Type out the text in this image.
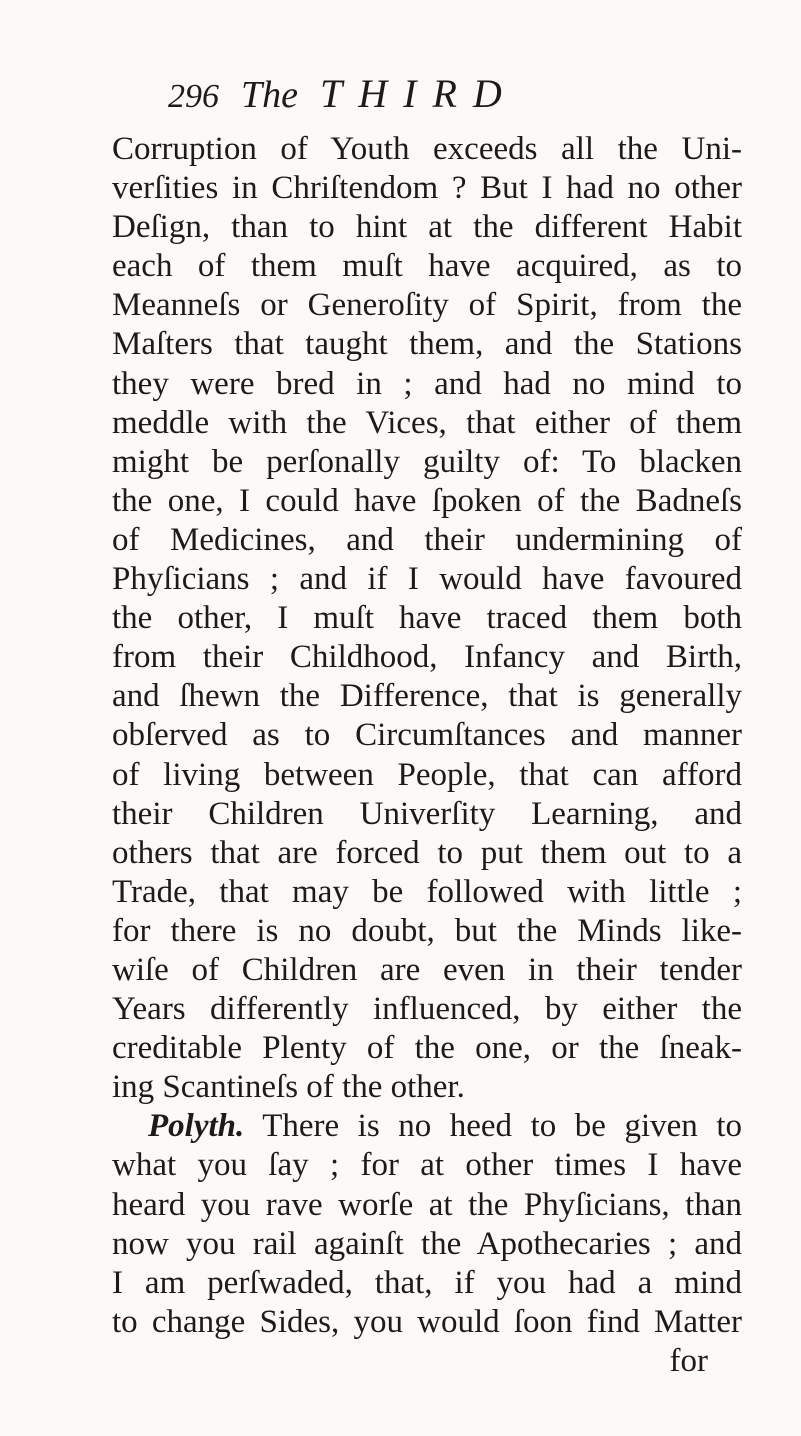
296 The THIRD
Corruption of Youth exceeds all the Uni-
verſities in Chriſtendom ? But I had no other
Deſign, than to hint at the different Habit
each of them muſt have acquired, as to
Meanneſs or Generoſity of Spirit, from the
Maſters that taught them, and the Stations
they were bred in ; and had no mind to
meddle with the Vices, that either of them
might be perſonally guilty of: To blacken
the one, I could have ſpoken of the Badneſs
of Medicines, and their undermining of
Phyſicians ; and if I would have favoured
the other, I muſt have traced them both
from their Childhood, Infancy and Birth,
and ſhewn the Difference, that is generally
obſerved as to Circumſtances and manner
of living between People, that can afford
their Children Univerſity Learning, and
others that are forced to put them out to a
Trade, that may be followed with little ;
for there is no doubt, but the Minds like-
wiſe of Children are even in their tender
Years differently influenced, by either the
creditable Plenty of the one, or the ſneak-
ing Scantineſs of the other.
Polyth. There is no heed to be given to
what you ſay ; for at other times I have
heard you rave worſe at the Phyſicians, than
now you rail againſt the Apothecaries ; and
I am perſwaded, that, if you had a mind
to change Sides, you would ſoon find Matter
for
